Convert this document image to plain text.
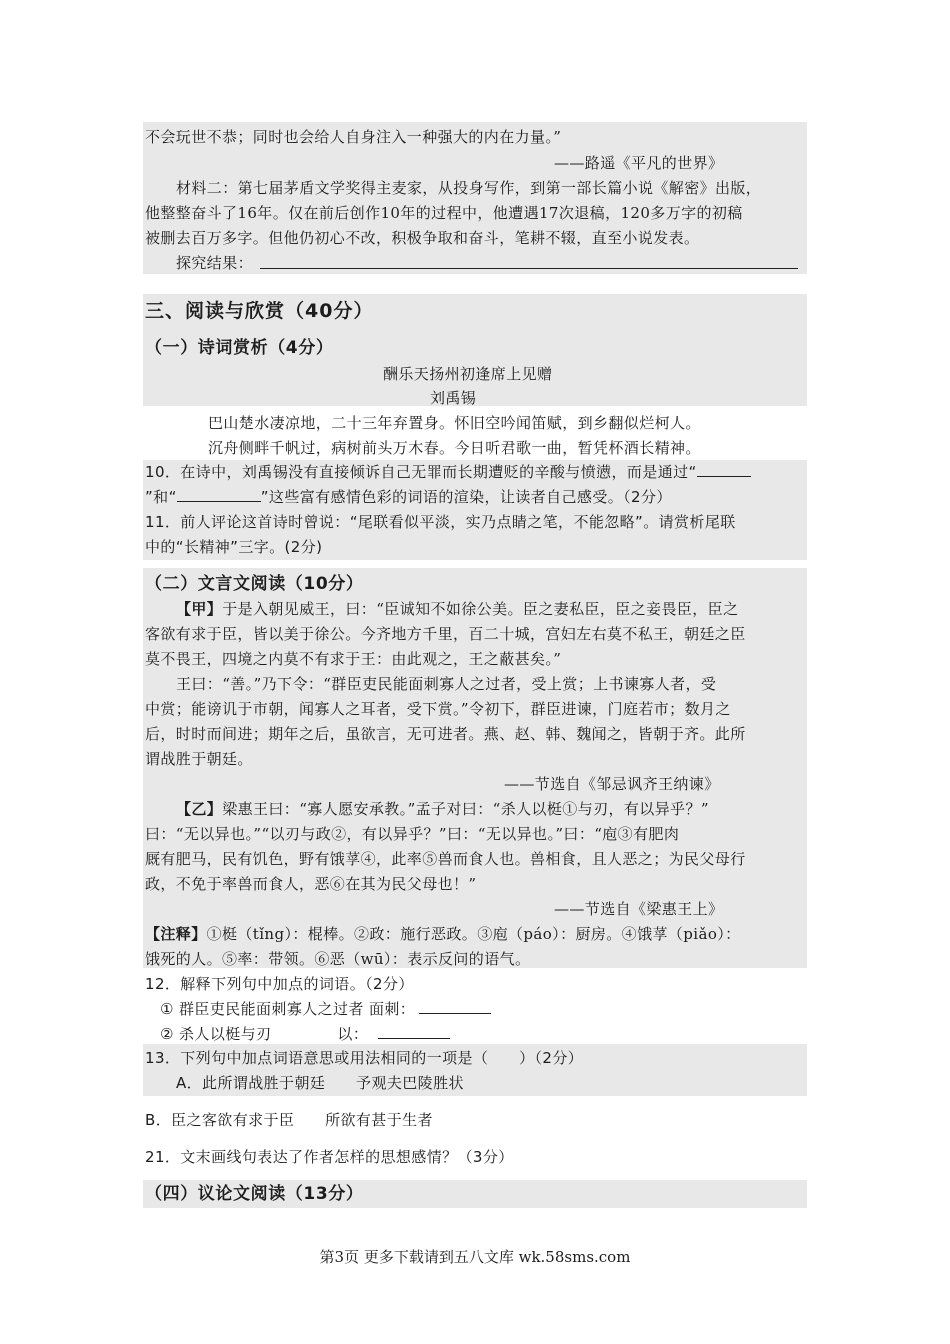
不会玩世不恭；同时也会给人自身注入一种强大的内在力量。”
——路遥《平凡的世界》
材料二：第七届茅盾文学奖得主麦家，从投身写作，到第一部长篇小说《解密》出版，
他整整奋斗了16年。仅在前后创作10年的过程中，他遭遇17次退稿，120多万字的初稿
被删去百万多字。但他仍初心不改，积极争取和奋斗，笔耕不辍，直至小说发表。
探究结果：
三、阅读与欣赏（40分）
（一）诗词赏析（4分）
酬乐天扬州初逢席上见赠
刘禹锡
巴山楚水凄凉地，二十三年弃置身。怀旧空吟闻笛赋，到乡翻似烂柯人。
沉舟侧畔千帆过，病树前头万木春。今日听君歌一曲，暂凭杯酒长精神。
10．在诗中，刘禹锡没有直接倾诉自己无罪而长期遭贬的辛酸与愤懑，而是通过“
”和“	”这些富有感情色彩的词语的渲染，让读者自己感受。（2分）
11．前人评论这首诗时曾说：“尾联看似平淡，实乃点睛之笔，不能忽略”。请赏析尾联
中的“长精神”三字。(2分)
（二）文言文阅读（10分）
【甲】于是入朝见威王，曰：“臣诚知不如徐公美。臣之妻私臣，臣之妾畏臣，臣之
客欲有求于臣，皆以美于徐公。今齐地方千里，百二十城，宫妇左右莫不私王，朝廷之臣
莫不畏王，四境之内莫不有求于王：由此观之，王之蔽甚矣。”
王曰：“善。”乃下令：“群臣吏民能面刺寡人之过者，受上赏；上书谏寡人者，受
中赏；能谤讥于市朝，闻寡人之耳者，受下赏。”令初下，群臣进谏，门庭若市；数月之
后，时时而间进；期年之后，虽欲言，无可进者。燕、赵、韩、魏闻之，皆朝于齐。此所
谓战胜于朝廷。
——节选自《邹忌讽齐王纳谏》
【乙】梁惠王曰：“寡人愿安承教。”孟子对曰：“杀人以梃①与刃，有以异乎？”
曰：“无以异也。”“以刃与政②，有以异乎？”曰：“无以异也。”曰：“庖③有肥肉
厩有肥马，民有饥色，野有饿莩④，此率⑤兽而食人也。兽相食，且人恶之；为民父母行
政，不免于率兽而食人，恶⑥在其为民父母也！”
——节选自《梁惠王上》
【注释】①梃（tǐng）：棍棒。②政：施行恶政。③庖（páo）：厨房。④饿莩（piǎo）：
饿死的人。⑤率：带领。⑥恶（wū）：表示反问的语气。
12．解释下列句中加点的词语。（2分）
① 群臣吏民能面刺寡人之过者 面刺：
② 杀人以梃与刃	以：
13．下列句中加点词语意思或用法相同的一项是（　　）（2分）
A．此所谓战胜于朝廷　　予观夫巴陵胜状
B．臣之客欲有求于臣　　所欲有甚于生者
21．文末画线句表达了作者怎样的思想感情？（3分）
（四）议论文阅读（13分）
第3页 更多下载请到五八文库 wk.58sms.com
